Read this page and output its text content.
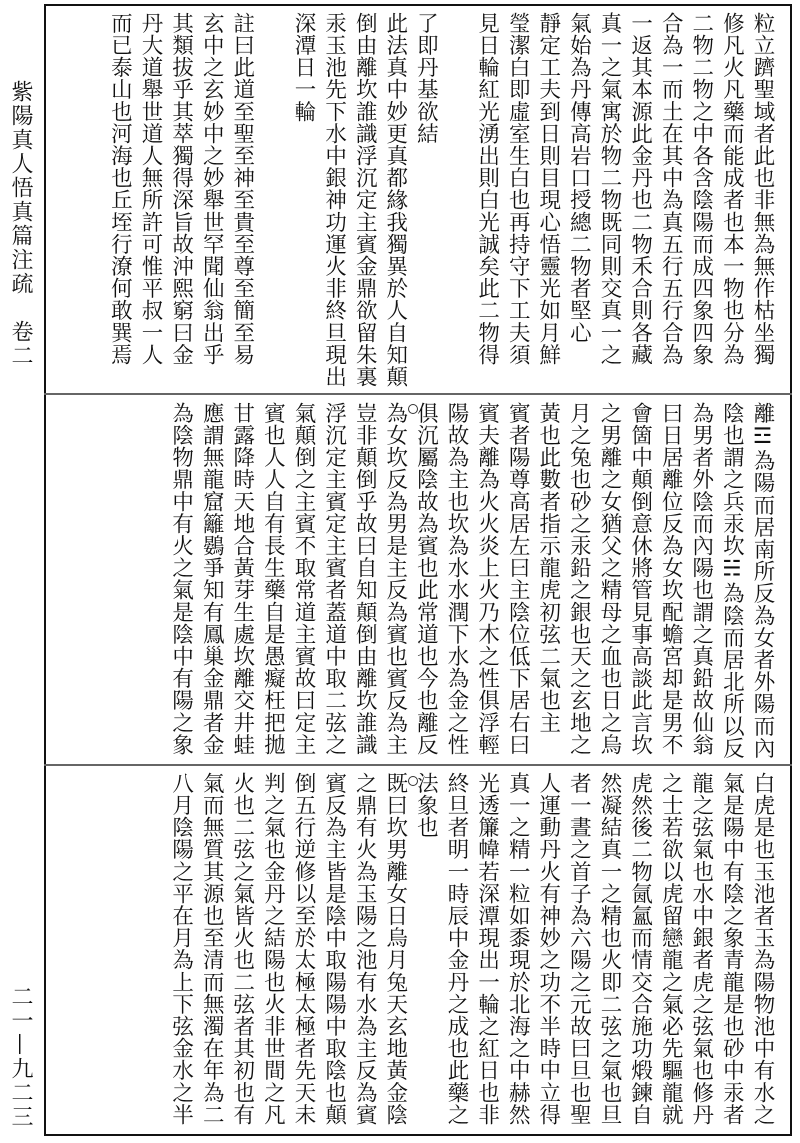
紫陽真人悟真篇注疏　卷二
二一—九二三
粒立躋聖域者此也非無為無作枯坐獨
修凡火凡藥而能成者也本一物也分為
二物二物之中各含陰陽而成四象四象
合為一而土在其中為真五行五行合為
一返其本源此金丹也二物禾合則各藏
真一之氣寓於物二物既同則交真一之
氣始為丹傳高岩口授總二物者堅心
靜定工夫到日則目現心悟靈光如月鮮
瑩潔白即虛室生白也再持守下工夫須
見日輪紅光湧出則白光誠矣此二物得
了即丹基欲結
此法真中妙更真都緣我獨異於人自知顛
倒由離坎誰識浮沉定主賓金鼎欲留朱裏
汞玉池先下水中銀神功運火非終旦現出
深潭日一輪
註曰此道至聖至神至貴至尊至簡至易
玄中之玄妙中之妙舉世罕聞仙翁出乎
其類拔乎其萃獨得深旨故沖熙窮曰金
丹大道舉世道人無所許可惟平叔一人
而已泰山也河海也丘垤行潦何敢巽焉
離☲為陽而居南所反為女者外陽而內
陰也謂之兵汞坎☵為陰而居北所以反
為男者外陰而內陽也謂之真鉛故仙翁
曰日居離位反為女坎配蟾宮却是男不
會箇中顛倒意休將管見事高談此言坎
之男離之女猶父之精母之血也日之烏
月之兔也砂之汞鉛之銀也天之玄地之
黃也此數者指示龍虎初弦二氣也主
賓者陽尊高居左曰主陰位低下居右曰
賓夫離為火火炎上火乃木之性俱浮輕
陽故為主也坎為水水潤下水為金之性
俱沉屬陰故為賓也此常道也今也離反
為女坎反為男是主反為賓也賓反為主
豈非顛倒乎故曰自知顛倒由離坎誰識
浮沉定主賓定主賓者蓋道中取二弦之
氣顛倒之主賓不取常道主賓故曰定主
賓也人人自有長生藥自是愚癡枉把拋
甘露降時天地合黃芽生處坎離交井蛙
應謂無龍窟籬鷃爭知有鳳巢金鼎者金
為陰物鼎中有火之氣是陰中有陽之象
白虎是也玉池者玉為陽物池中有水之
氣是陽中有陰之象青龍是也砂中汞者
龍之弦氣也水中銀者虎之弦氣也修丹
之士若欲以虎留戀龍之氣必先驅龍就
虎然後二物氤氳而情交合施功煅鍊自
然凝結真一之精也火即二弦之氣也旦
者一晝之首子為六陽之元故曰旦也聖
人運動丹火有神妙之功不半時中立得
真一之精一粒如黍現於北海之中赫然
光透簾幃若深潭現出一輪之紅日也非
終旦者明一時辰中金丹之成也此藥之
法象也
既曰坎男離女日烏月兔天玄地黃金陰
之鼎有火為玉陽之池有水為主反為賓
賓反為主皆是陰中取陽陽中取陰也顛
倒五行逆修以至於太極太極者先天未
判之氣也金丹之結陽也火非世間之凡
火也二弦之氣皆火也二弦者其初也有
氣而無質其源也至清而無濁在年為二
八月陰陽之平在月為上下弦金水之半
